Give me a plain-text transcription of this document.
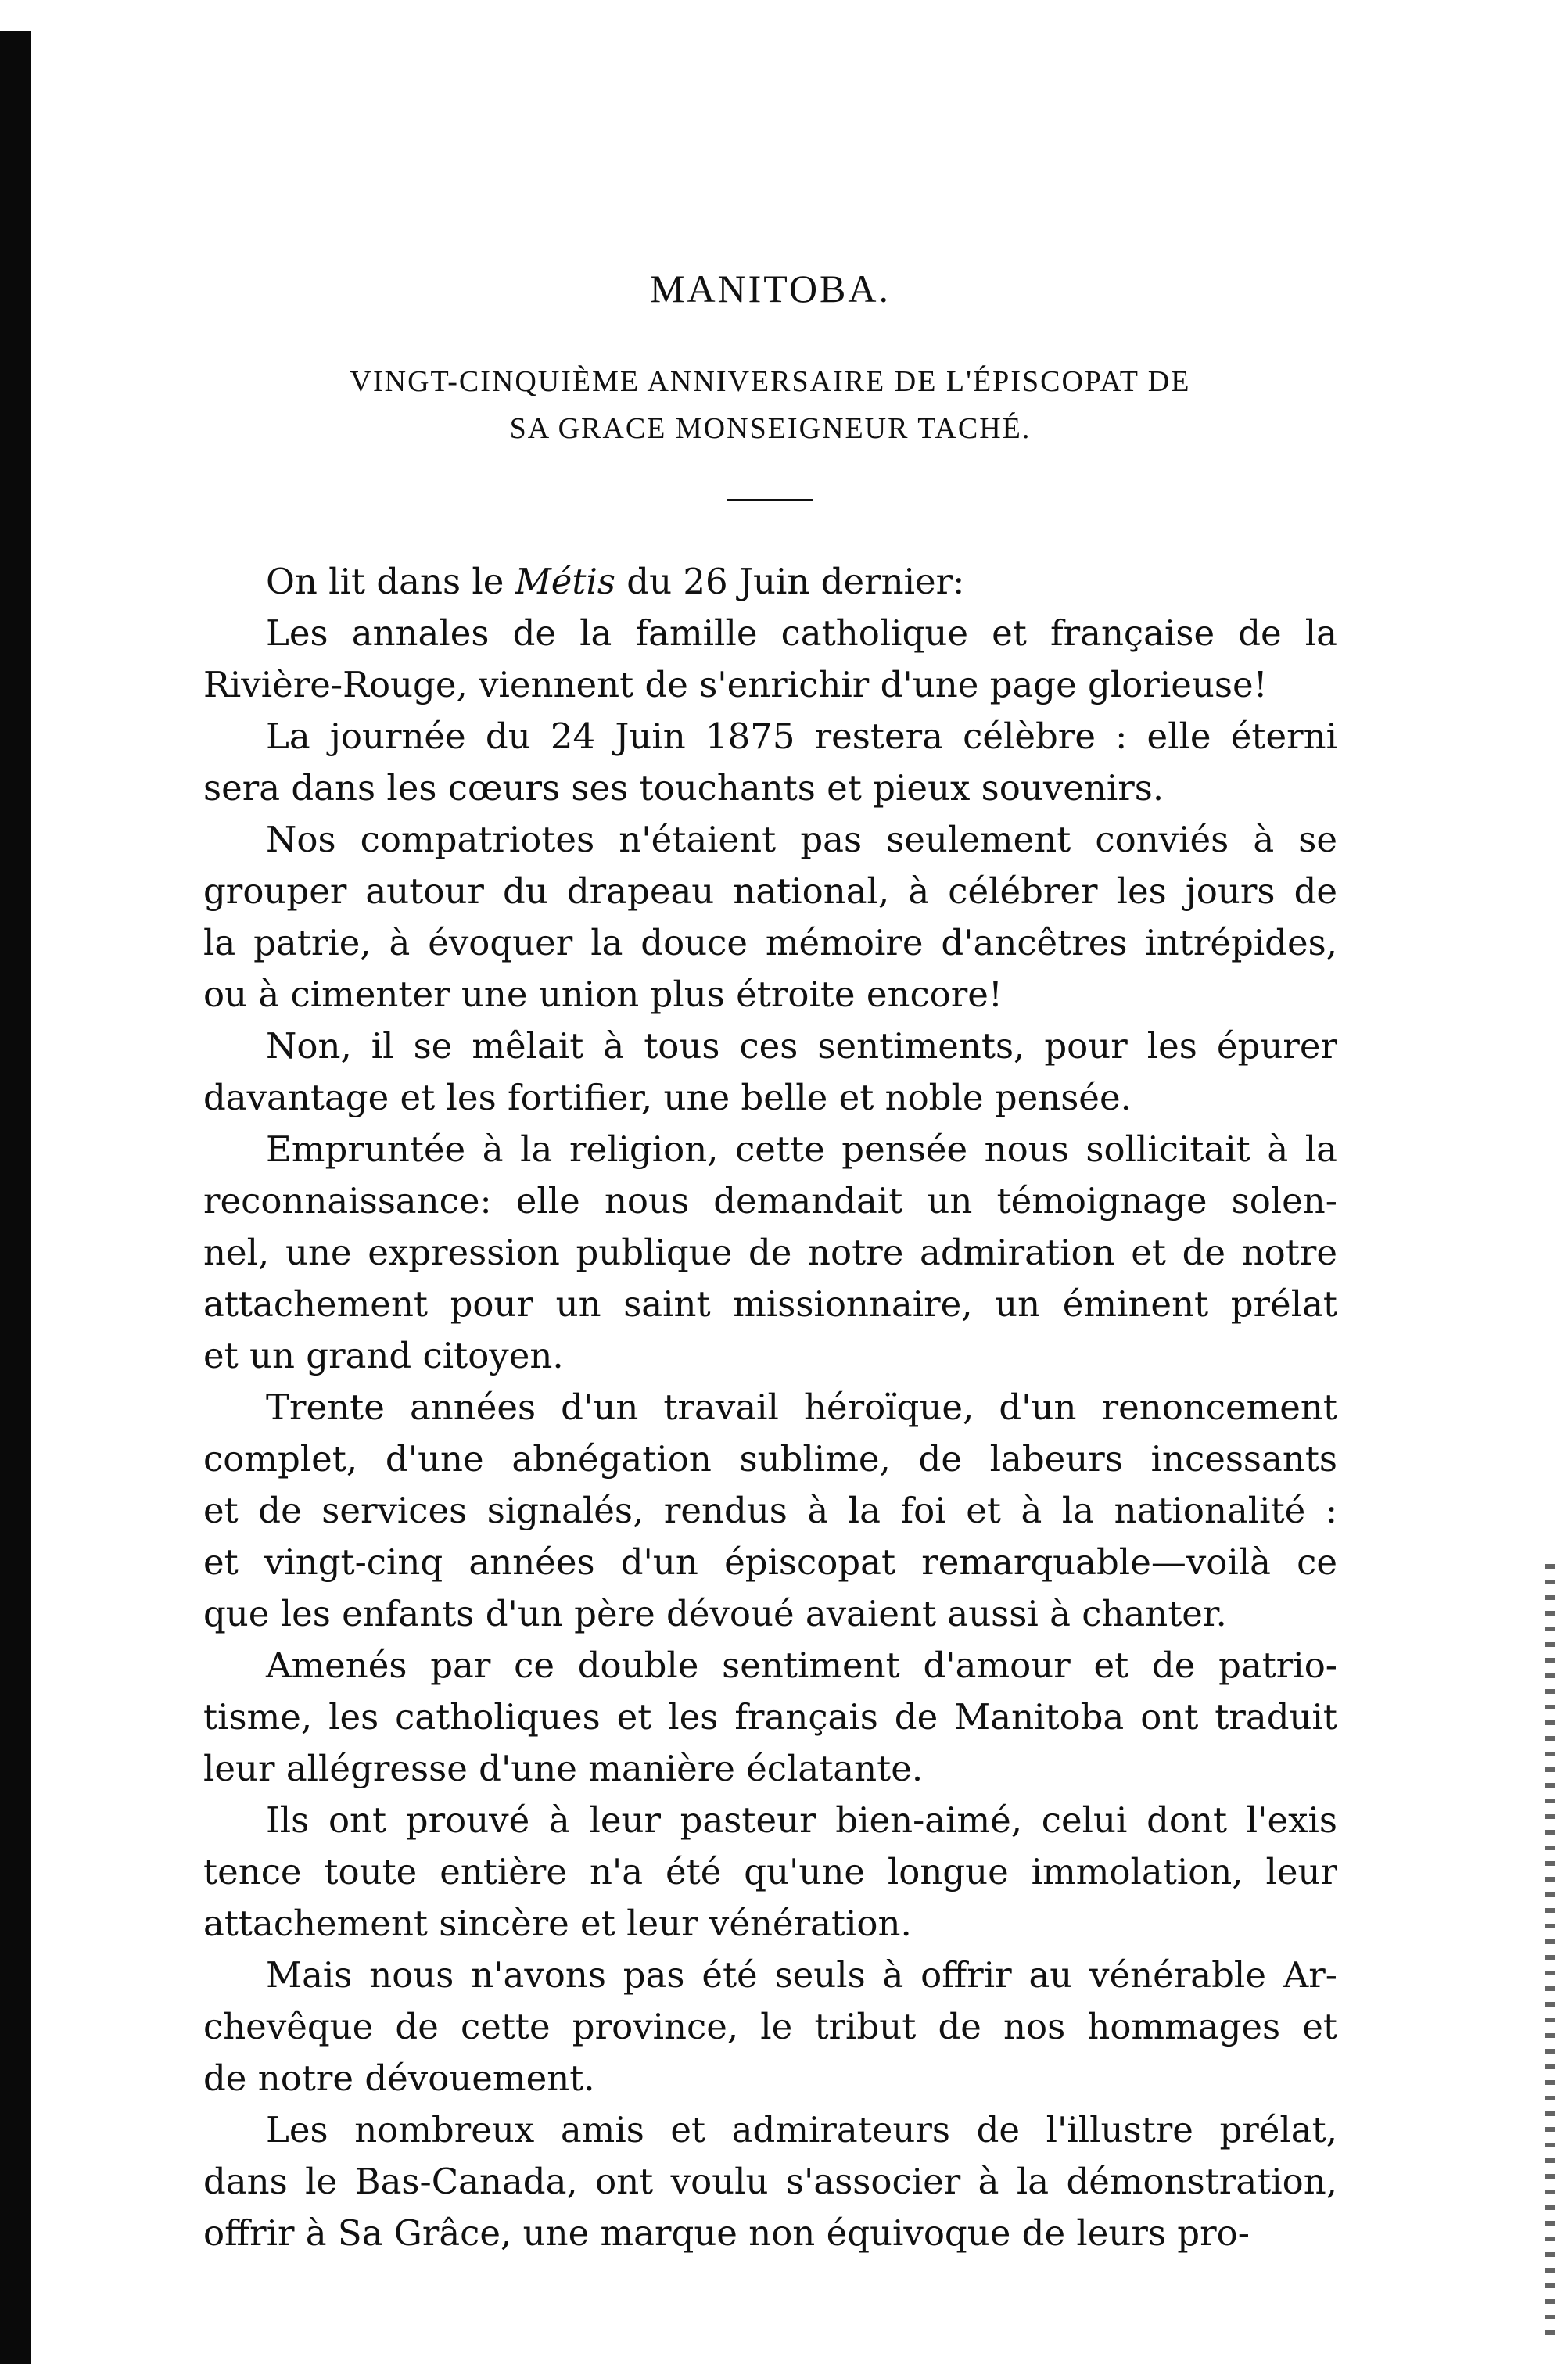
MANITOBA.
VINGT-CINQUIÈME ANNIVERSAIRE DE L'ÉPISCOPAT DE
SA GRACE MONSEIGNEUR TACHÉ.

On lit dans le Métis du 26 Juin dernier:

Les annales de la famille catholique et française de la
Rivière-Rouge, viennent de s'enrichir d'une page glorieuse!

La journée du 24 Juin 1875 restera célèbre : elle éterni
sera dans les cœurs ses touchants et pieux souvenirs.

Nos compatriotes n'étaient pas seulement conviés à se
grouper autour du drapeau national, à célébrer les jours de
la patrie, à évoquer la douce mémoire d'ancêtres intrépides,
ou à cimenter une union plus étroite encore!

Non, il se mêlait à tous ces sentiments, pour les épurer
davantage et les fortifier, une belle et noble pensée.

Empruntée à la religion, cette pensée nous sollicitait à la
reconnaissance: elle nous demandait un témoignage solen-
nel, une expression publique de notre admiration et de notre
attachement pour un saint missionnaire, un éminent prélat
et un grand citoyen.

Trente années d'un travail héroïque, d'un renoncement
complet, d'une abnégation sublime, de labeurs incessants
et de services signalés, rendus à la foi et à la nationalité :
et vingt-cinq années d'un épiscopat remarquable—voilà ce
que les enfants d'un père dévoué avaient aussi à chanter.

Amenés par ce double sentiment d'amour et de patrio-
tisme, les catholiques et les français de Manitoba ont traduit
leur allégresse d'une manière éclatante.

Ils ont prouvé à leur pasteur bien-aimé, celui dont l'exis
tence toute entière n'a été qu'une longue immolation, leur
attachement sincère et leur vénération.

Mais nous n'avons pas été seuls à offrir au vénérable Ar-
chevêque de cette province, le tribut de nos hommages et
de notre dévouement.

Les nombreux amis et admirateurs de l'illustre prélat,
dans le Bas-Canada, ont voulu s'associer à la démonstration,
offrir à Sa Grâce, une marque non équivoque de leurs pro-
